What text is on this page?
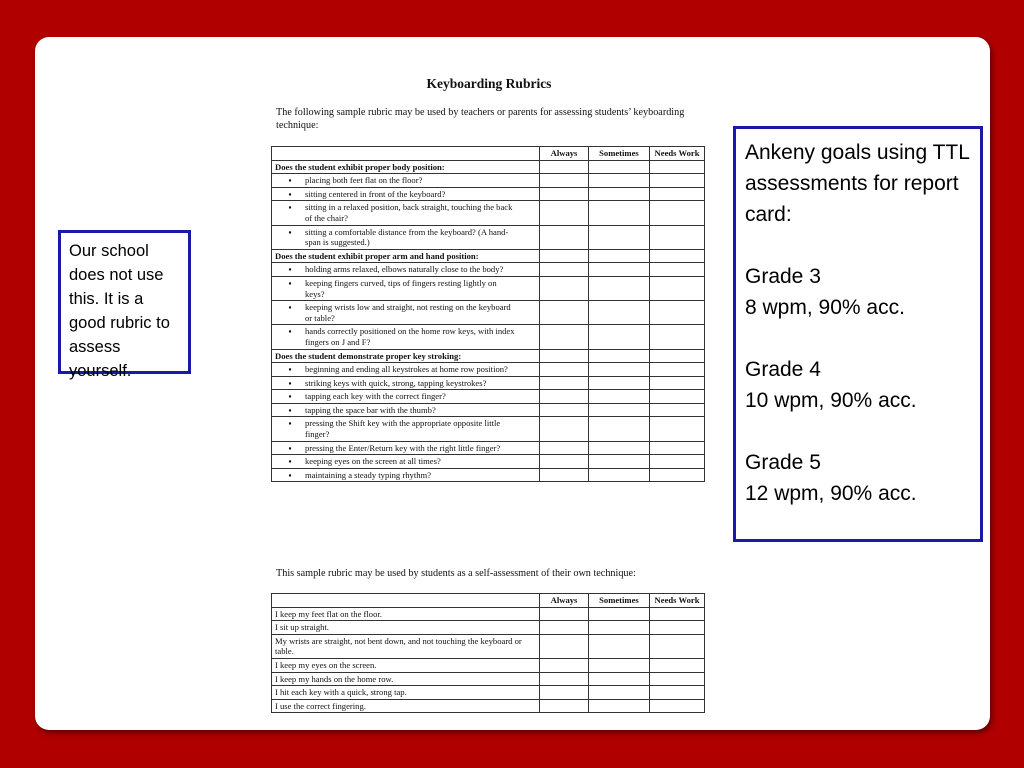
Keyboarding Rubrics
The following sample rubric may be used by teachers or parents for assessing students’ keyboarding technique:
	Always	Sometimes	Needs Work
Does the student exhibit proper body position:			
▪ placing both feet flat on the floor?			
▪ sitting centered in front of the keyboard?			
▪ sitting in a relaxed position, back straight, touching the back of the chair?			
▪ sitting a comfortable distance from the keyboard? (A hand-span is suggested.)			
Does the student exhibit proper arm and hand position:			
▪ holding arms relaxed, elbows naturally close to the body?			
▪ keeping fingers curved, tips of fingers resting lightly on keys?			
▪ keeping wrists low and straight, not resting on the keyboard or table?			
▪ hands correctly positioned on the home row keys, with index fingers on J and F?			
Does the student demonstrate proper key stroking:			
▪ beginning and ending all keystrokes at home row position?			
▪ striking keys with quick, strong, tapping keystrokes?			
▪ tapping each key with the correct finger?			
▪ tapping the space bar with the thumb?			
▪ pressing the Shift key with the appropriate opposite little finger?			
▪ pressing the Enter/Return key with the right little finger?			
▪ keeping eyes on the screen at all times?			
▪ maintaining a steady typing rhythm?			
This sample rubric may be used by students as a self-assessment of their own technique:
	Always	Sometimes	Needs Work
I keep my feet flat on the floor.			
I sit up straight.			
My wrists are straight, not bent down, and not touching the keyboard or table.			
I keep my eyes on the screen.			
I keep my hands on the home row.			
I hit each key with a quick, strong tap.			
I use the correct fingering.			
Our school does not use this. It is a good rubric to assess yourself.
Ankeny goals using TTL assessments for report card:
Grade 3
8 wpm, 90% acc.
Grade 4
10 wpm, 90% acc.
Grade 5
12 wpm, 90% acc.
